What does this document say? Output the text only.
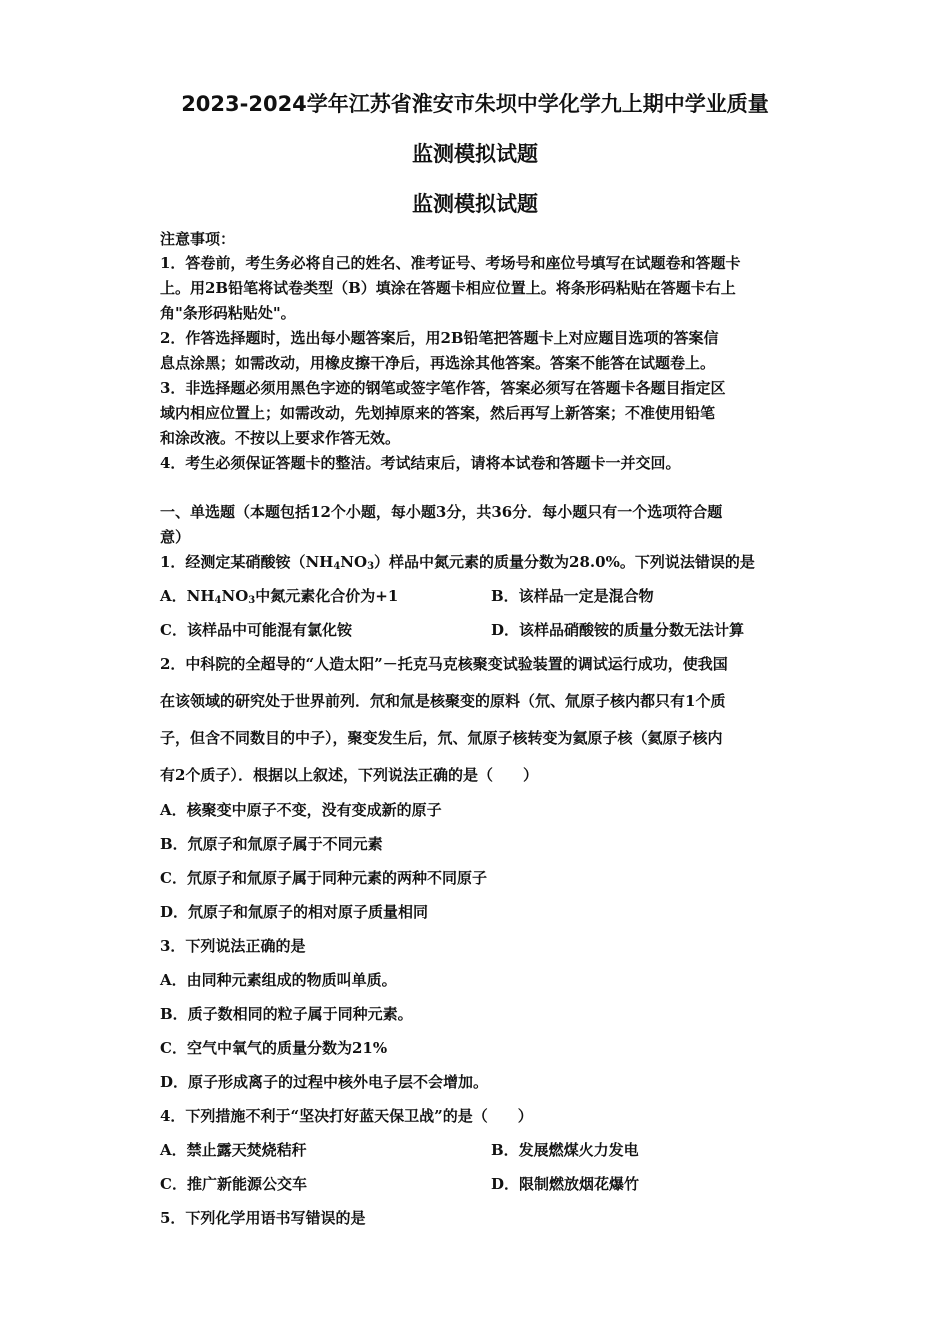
2023-2024学年江苏省淮安市朱坝中学化学九上期中学业质量
监测模拟试题
监测模拟试题
注意事项：
1．答卷前，考生务必将自己的姓名、准考证号、考场号和座位号填写在试题卷和答题卡
上。用2B铅笔将试卷类型（B）填涂在答题卡相应位置上。将条形码粘贴在答题卡右上
角"条形码粘贴处"。
2．作答选择题时，选出每小题答案后，用2B铅笔把答题卡上对应题目选项的答案信
息点涂黑；如需改动，用橡皮擦干净后，再选涂其他答案。答案不能答在试题卷上。
3．非选择题必须用黑色字迹的钢笔或签字笔作答，答案必须写在答题卡各题目指定区
域内相应位置上；如需改动，先划掉原来的答案，然后再写上新答案；不准使用铅笔
和涂改液。不按以上要求作答无效。
4．考生必须保证答题卡的整洁。考试结束后，请将本试卷和答题卡一并交回。
一、单选题（本题包括12个小题，每小题3分，共36分．每小题只有一个选项符合题
意）
1．经测定某硝酸铵$(NH_4NO_3)$样品中氮元素的质量分数为28.0%。下列说法错误的是
A．$NH_4NO_3$中氮元素化合价为+1	B．该样品一定是混合物
C．该样品中可能混有氯化铵	D．该样品硝酸铵的质量分数无法计算
2．中科院的全超导的“人造太阳”－托克马克核聚变试验装置的调试运行成功，使我国
在该领域的研究处于世界前列．氘和氚是核聚变的原料（氘、氚原子核内都只有1个质
子，但含不同数目的中子），聚变发生后，氘、氚原子核转变为氦原子核（氦原子核内
有2个质子）．根据以上叙述，下列说法正确的是（　　）
A．核聚变中原子不变，没有变成新的原子
B．氘原子和氚原子属于不同元素
C．氘原子和氚原子属于同种元素的两种不同原子
D．氘原子和氚原子的相对原子质量相同
3．下列说法正确的是
A．由同种元素组成的物质叫单质。
B．质子数相同的粒子属于同种元素。
C．空气中氧气的质量分数为21%
D．原子形成离子的过程中核外电子层不会增加。
4．下列措施不利于“坚决打好蓝天保卫战”的是（　　）
A．禁止露天焚烧秸秆	B．发展燃煤火力发电
C．推广新能源公交车	D．限制燃放烟花爆竹
5．下列化学用语书写错误的是
